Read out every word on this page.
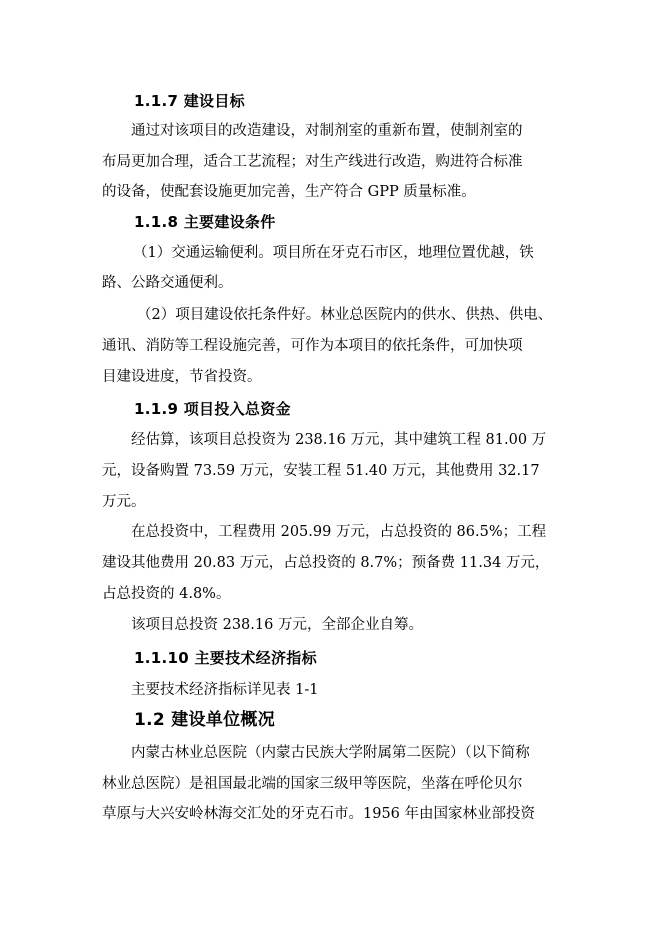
1.1.7 建设目标
通过对该项目的改造建设，对制剂室的重新布置，使制剂室的
布局更加合理，适合工艺流程；对生产线进行改造，购进符合标准
的设备，使配套设施更加完善，生产符合 GPP 质量标准。
1.1.8 主要建设条件
（1）交通运输便利。项目所在牙克石市区，地理位置优越，铁
路、公路交通便利。
（2）项目建设依托条件好。林业总医院内的供水、供热、供电、
通讯、消防等工程设施完善，可作为本项目的依托条件，可加快项
目建设进度，节省投资。
1.1.9 项目投入总资金
经估算，该项目总投资为 238.16 万元，其中建筑工程 81.00 万
元，设备购置 73.59 万元，安装工程 51.40 万元，其他费用 32.17
万元。
在总投资中，工程费用 205.99 万元，占总投资的 86.5%；工程
建设其他费用 20.83 万元，占总投资的 8.7%；预备费 11.34 万元，
占总投资的 4.8%。
该项目总投资 238.16 万元，全部企业自筹。
1.1.10 主要技术经济指标
主要技术经济指标详见表 1-1
1.2 建设单位概况
内蒙古林业总医院（内蒙古民族大学附属第二医院）（以下简称
林业总医院）是祖国最北端的国家三级甲等医院，坐落在呼伦贝尔
草原与大兴安岭林海交汇处的牙克石市。1956 年由国家林业部投资
